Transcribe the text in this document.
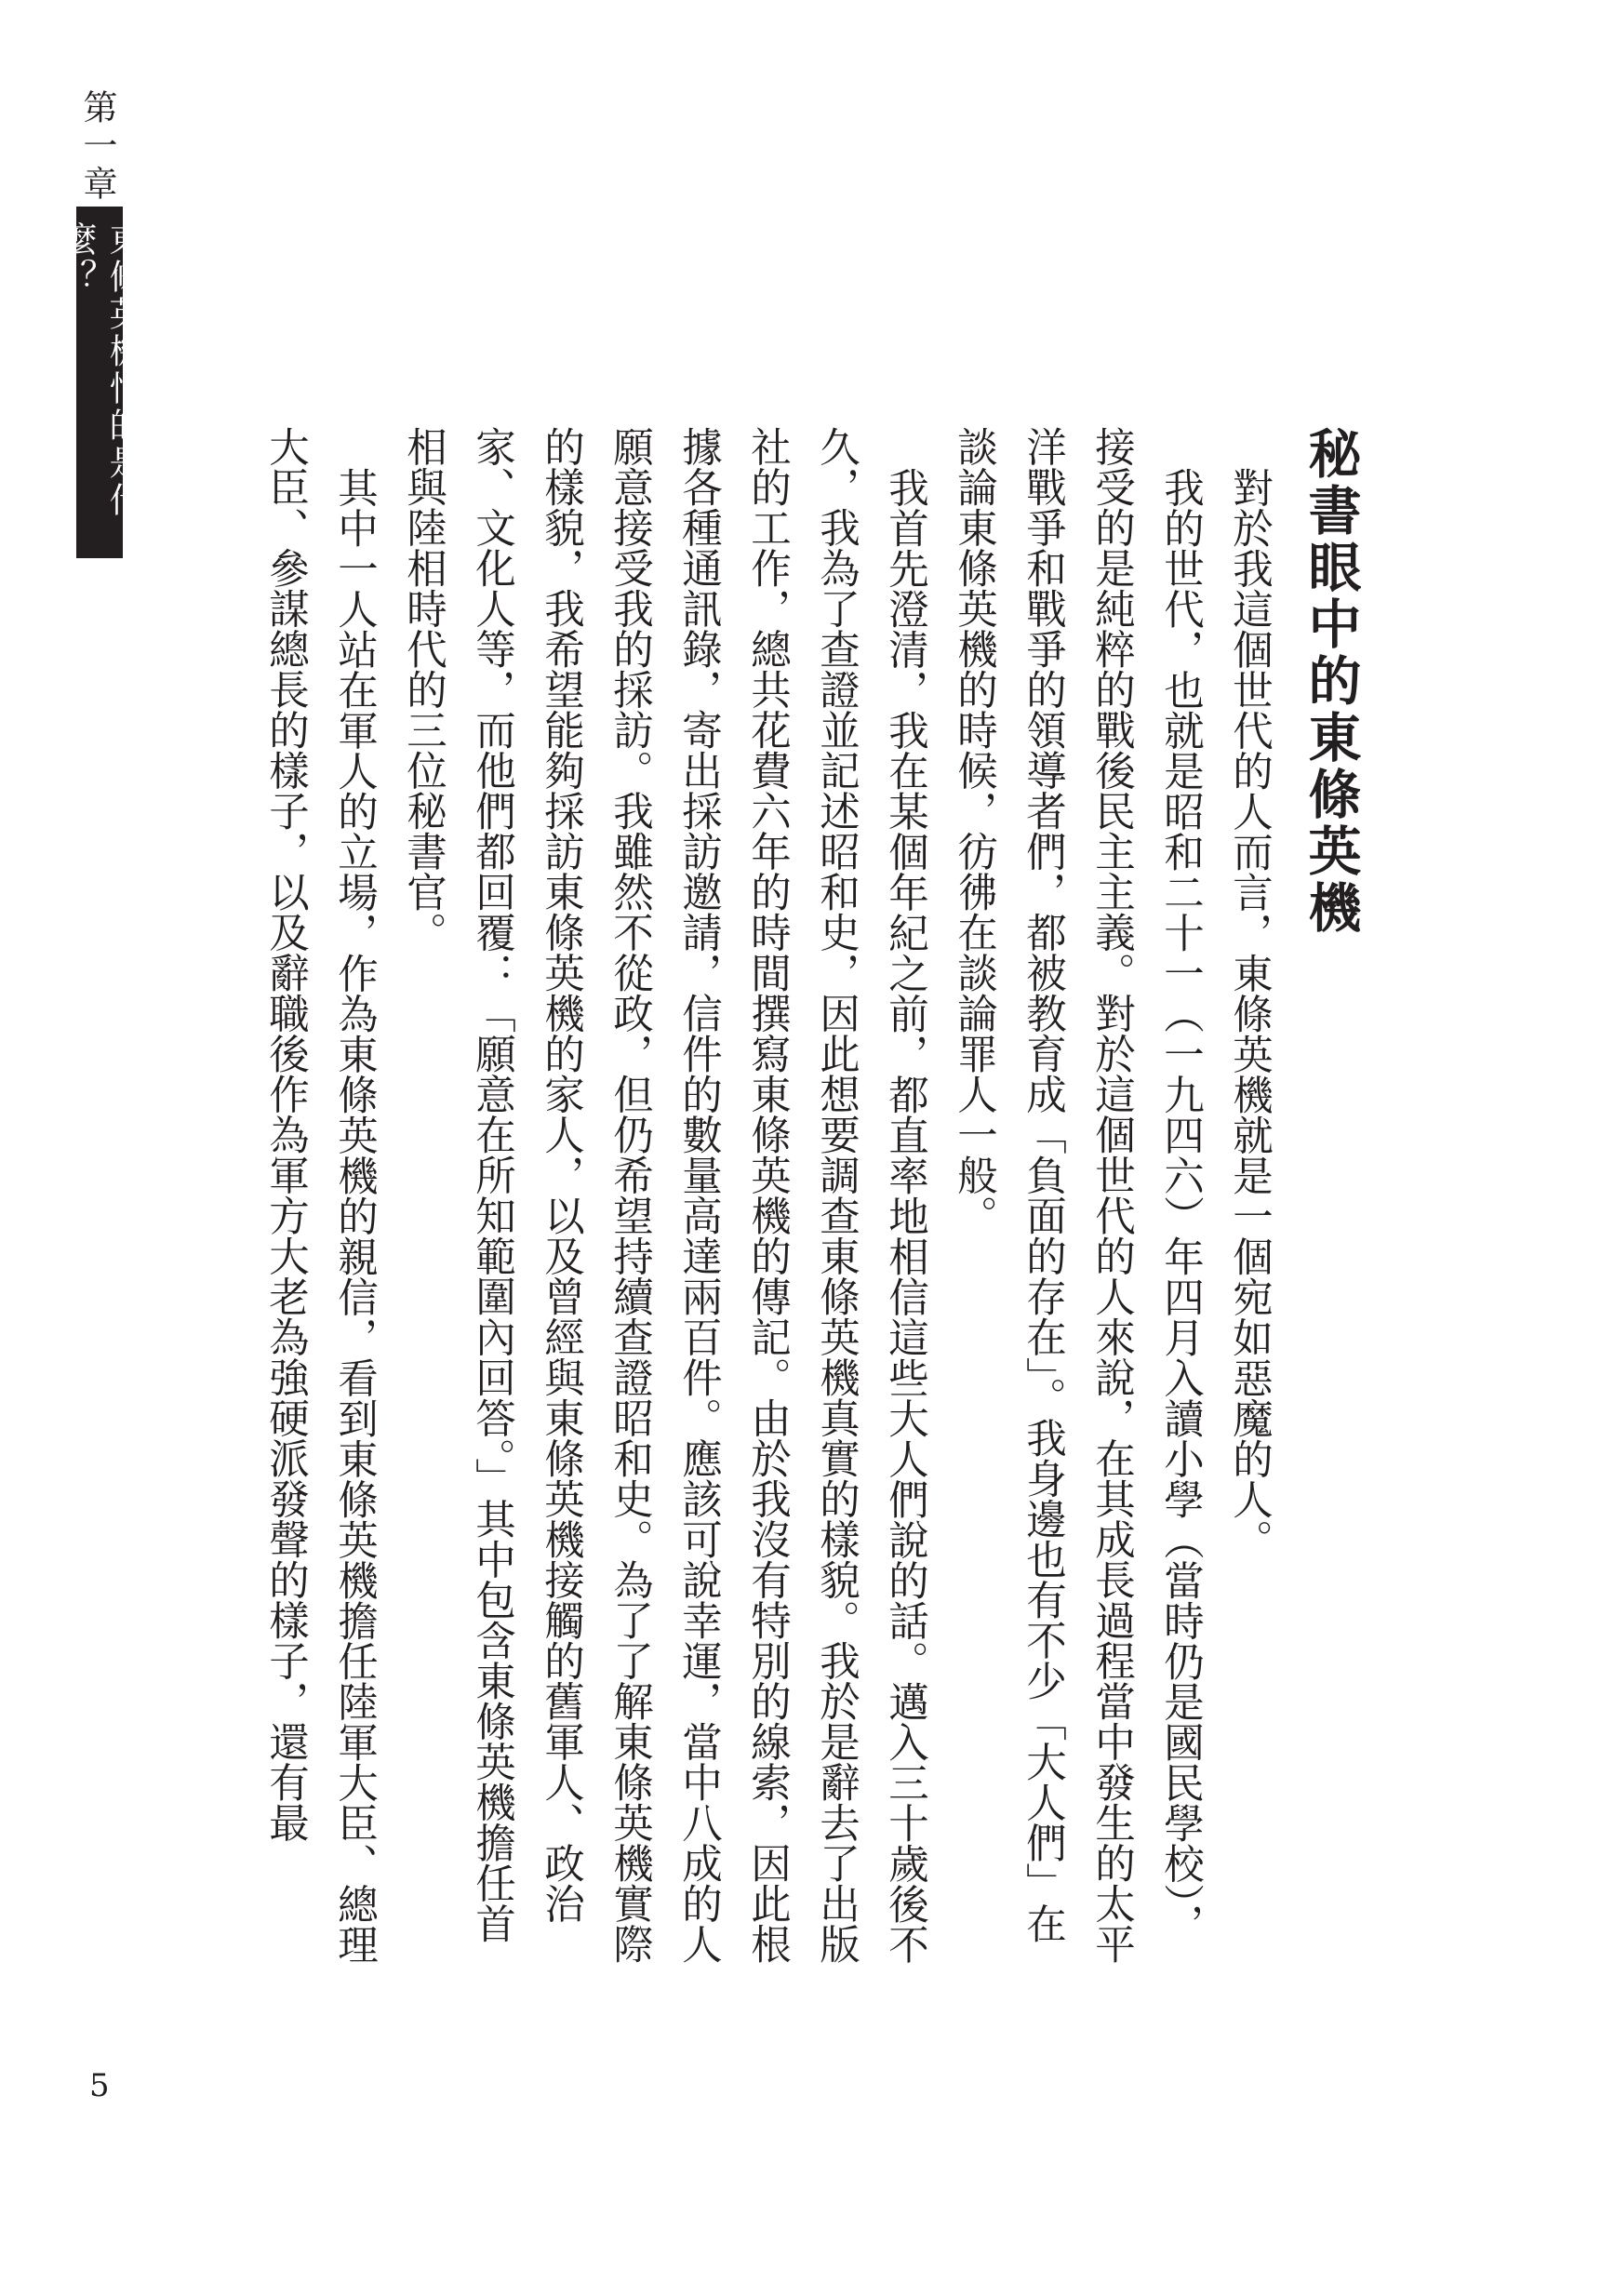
第一章
東條英機怕的是什麼？
秘書眼中的東條英機

對於我這個世代的人而言，東條英機就是一個宛如惡魔的人。

我的世代，也就是昭和二十一（一九四六）年四月入讀小學（當時仍是國民學校），接受的是純粹的戰後民主主義。對於這個世代的人來說，在其成長過程當中發生的太平洋戰爭和戰爭的領導者們，都被教育成「負面的存在」。我身邊也有不少「大人們」在談論東條英機的時候，彷彿在談論罪人一般。

我首先澄清，我在某個年紀之前，都直率地相信這些大人們說的話。邁入三十歲後不久，我為了查證並記述昭和史，因此想要調查東條英機真實的樣貌。我於是辭去了出版社的工作，總共花費六年的時間撰寫東條英機的傳記。由於我沒有特別的線索，因此根據各種通訊錄，寄出採訪邀請，信件的數量高達兩百件。應該可說幸運，當中八成的人願意接受我的採訪。我雖然不從政，但仍希望持續查證昭和史。為了了解東條英機實際的樣貌，我希望能夠採訪東條英機的家人，以及曾經與東條英機接觸的舊軍人、政治家、文化人等，而他們都回覆：「願意在所知範圍內回答。」其中包含東條英機擔任首相與陸相時代的三位秘書官。

其中一人站在軍人的立場，作為東條英機的親信，看到東條英機擔任陸軍大臣、總理大臣、參謀總長的樣子，以及辭職後作為軍方大老為強硬派發聲的樣子，還有最

5
